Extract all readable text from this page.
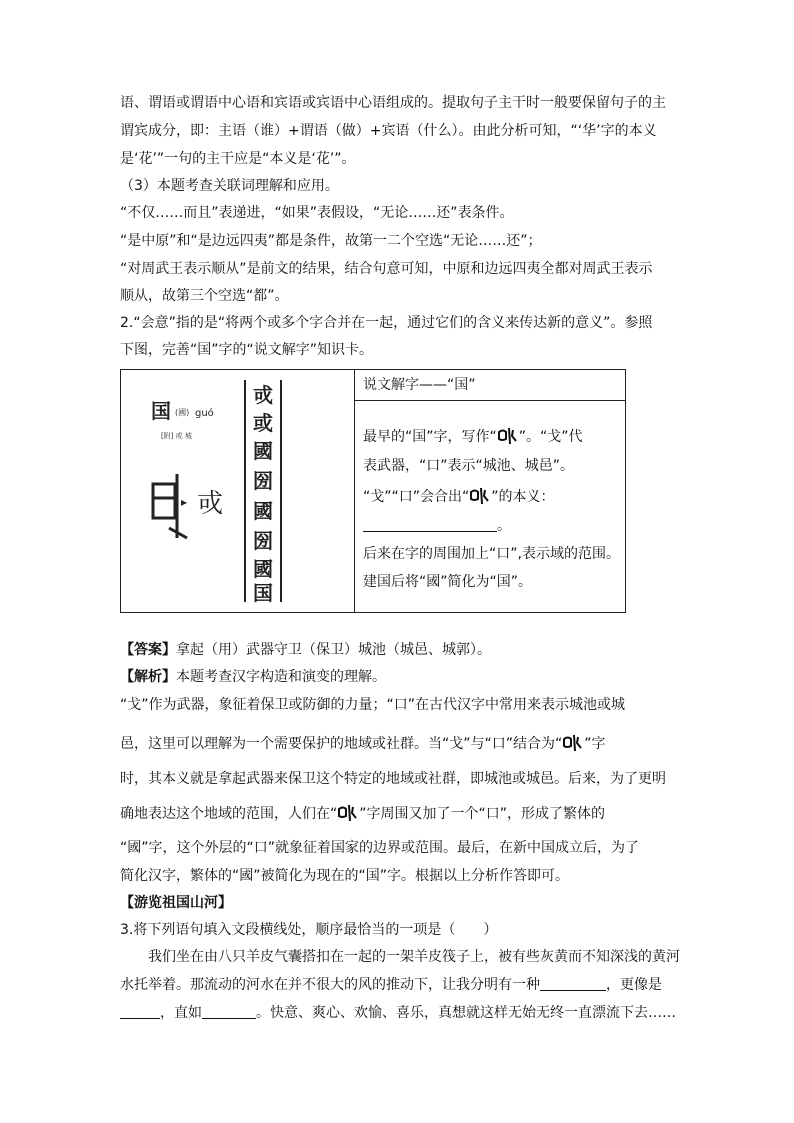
语、谓语或谓语中心语和宾语或宾语中心语组成的。提取句子主干时一般要保留句子的主
谓宾成分，即：主语（谁）+谓语（做）+宾语（什么）。由此分析可知，“‘华’字的本义
是‘花’”一句的主干应是“本义是‘花’”。
（3）本题考查关联词理解和应用。
“不仅……而且”表递进，“如果”表假设，“无论……还”表条件。
“是中原”和“是边远四夷”都是条件，故第一二个空选“无论……还”；
“对周武王表示顺从”是前文的结果，结合句意可知，中原和边远四夷全都对周武王表示
顺从，故第三个空选“都”。
2.“会意”指的是“将两个或多个字合并在一起，通过它们的含义来传达新的意义”。参照
下图，完善“国”字的“说文解字”知识卡。
国 (國) guó
[附] 或 城
▸ 戓
戓
或
國
圀
國
圀
國
国
说文解字——“国”
最早的“国”字，写作“ ”。“戈”代
表武器，“口”表示“城池、城邑”。
“戈”“口”会合出“ ”的本义：
。
后来在字的周围加上“口”,表示域的范围。
建国后将“國”简化为“国”。
【答案】拿起（用）武器守卫（保卫）城池（城邑、城郭）。
【解析】本题考查汉字构造和演变的理解。
“戈”作为武器，象征着保卫或防御的力量；“口”在古代汉字中常用来表示城池或城
邑，这里可以理解为一个需要保护的地域或社群。当“戈”与“口”结合为“ ”字
时，其本义就是拿起武器来保卫这个特定的地域或社群，即城池或城邑。后来，为了更明
确地表达这个地域的范围，人们在“ ”字周围又加了一个“口”，形成了繁体的
“國”字，这个外层的“口”就象征着国家的边界或范围。最后，在新中国成立后，为了
简化汉字，繁体的“國”被简化为现在的“国”字。根据以上分析作答即可。
【游览祖国山河】
3.将下列语句填入文段横线处，顺序最恰当的一项是（　　）
我们坐在由八只羊皮气囊搭扣在一起的一架羊皮筏子上，被有些灰黄而不知深浅的黄河
水托举着。那流动的河水在并不很大的风的推动下，让我分明有一种	，更像是
，直如	。快意、爽心、欢愉、喜乐，真想就这样无始无终一直漂流下去……
